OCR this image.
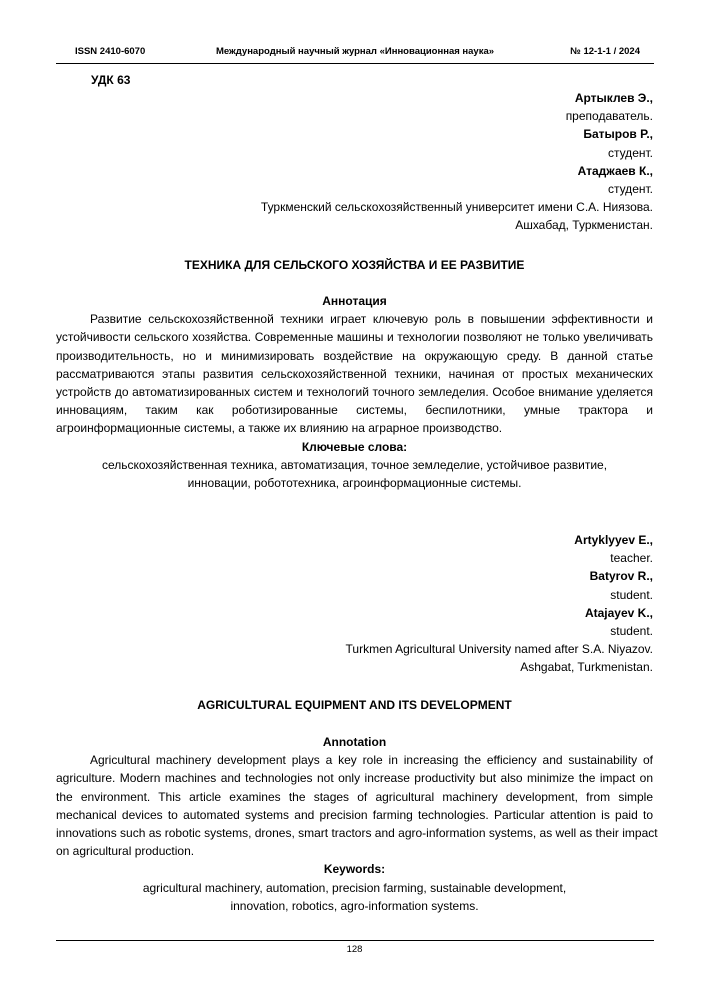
ISSN 2410-6070	Международный научный журнал «Инновационная наука»	№ 12-1-1 / 2024
УДК 63
Артыклев Э.,
преподаватель.
Батыров Р.,
студент.
Атаджаев К.,
студент.
Туркменский сельскохозяйственный университет имени С.А. Ниязова.
Ашхабад, Туркменистан.
ТЕХНИКА ДЛЯ СЕЛЬСКОГО ХОЗЯЙСТВА И ЕЕ РАЗВИТИЕ
Аннотация
Развитие сельскохозяйственной техники играет ключевую роль в повышении эффективности и
устойчивости сельского хозяйства. Современные машины и технологии позволяют не только увеличивать
производительность, но и минимизировать воздействие на окружающую среду. В данной статье
рассматриваются этапы развития сельскохозяйственной техники, начиная от простых механических
устройств до автоматизированных систем и технологий точного земледелия. Особое внимание уделяется
инновациям, таким как роботизированные системы, беспилотники, умные трактора и
агроинформационные системы, а также их влиянию на аграрное производство.
Ключевые слова:
сельскохозяйственная техника, автоматизация, точное земледелие, устойчивое развитие,
инновации, робототехника, агроинформационные системы.
Artyklyyev E.,
teacher.
Batyrov R.,
student.
Atajayev K.,
student.
Turkmen Agricultural University named after S.A. Niyazov.
Ashgabat, Turkmenistan.
AGRICULTURAL EQUIPMENT AND ITS DEVELOPMENT
Annotation
Agricultural machinery development plays a key role in increasing the efficiency and sustainability of
agriculture. Modern machines and technologies not only increase productivity but also minimize the impact on
the environment. This article examines the stages of agricultural machinery development, from simple
mechanical devices to automated systems and precision farming technologies. Particular attention is paid to
innovations such as robotic systems, drones, smart tractors and agro-information systems, as well as their impact
on agricultural production.
Keywords:
agricultural machinery, automation, precision farming, sustainable development,
innovation, robotics, agro-information systems.
128
